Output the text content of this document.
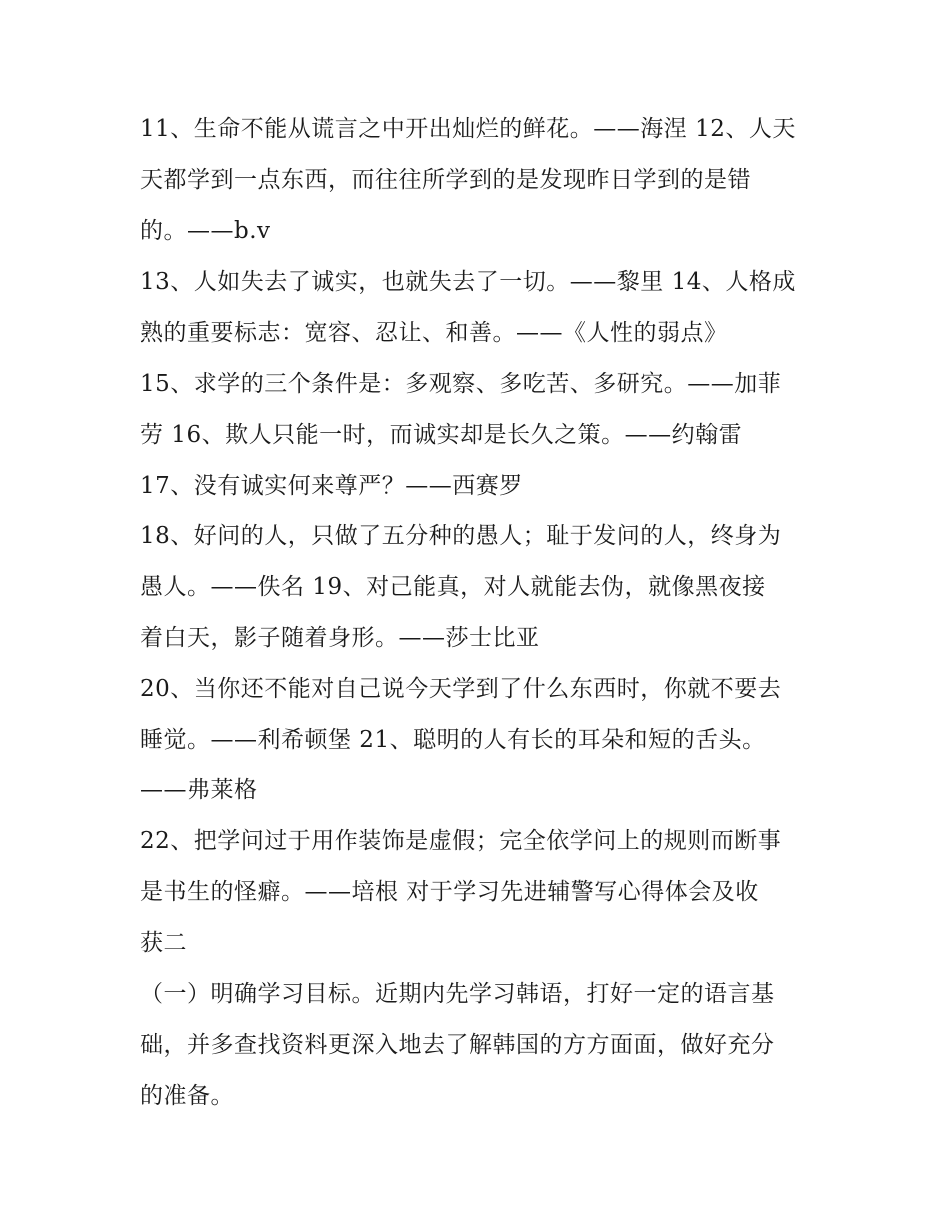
11、生命不能从谎言之中开出灿烂的鲜花。——海涅 12、人天
天都学到一点东西，而往往所学到的是发现昨日学到的是错
的。——b.v
13、人如失去了诚实，也就失去了一切。——黎里 14、人格成
熟的重要标志：宽容、忍让、和善。——《人性的弱点》
15、求学的三个条件是：多观察、多吃苦、多研究。——加菲
劳 16、欺人只能一时，而诚实却是长久之策。——约翰雷
17、没有诚实何来尊严？——西赛罗
18、好问的人，只做了五分种的愚人；耻于发问的人，终身为
愚人。——佚名 19、对己能真，对人就能去伪，就像黑夜接
着白天，影子随着身形。——莎士比亚
20、当你还不能对自己说今天学到了什么东西时，你就不要去
睡觉。——利希顿堡 21、聪明的人有长的耳朵和短的舌头。
——弗莱格
22、把学问过于用作装饰是虚假；完全依学问上的规则而断事
是书生的怪癖。——培根 对于学习先进辅警写心得体会及收
获二
（一）明确学习目标。近期内先学习韩语，打好一定的语言基
础，并多查找资料更深入地去了解韩国的方方面面，做好充分
的准备。
